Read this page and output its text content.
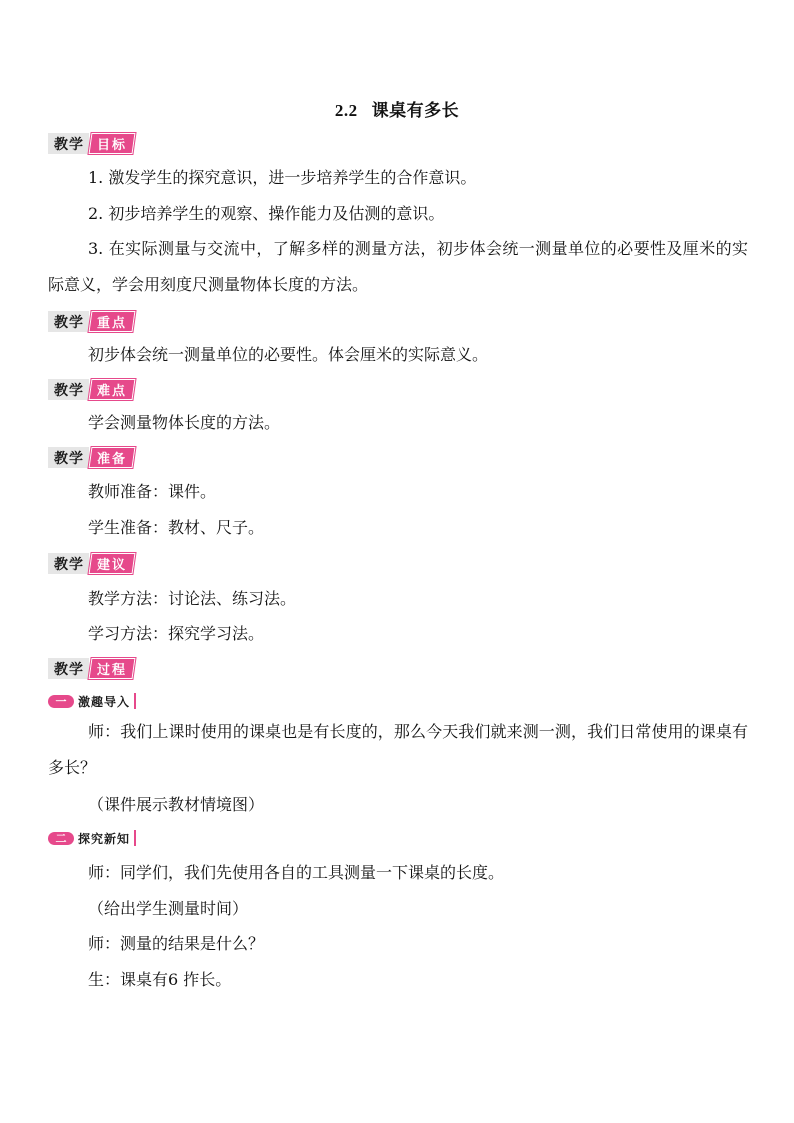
2.2 课桌有多长
教学	目标
1. 激发学生的探究意识，进一步培养学生的合作意识。
2. 初步培养学生的观察、操作能力及估测的意识。
3. 在实际测量与交流中，了解多样的测量方法，初步体会统一测量单位的必要性及厘米的实际意义，学会用刻度尺测量物体长度的方法。
教学	重点
初步体会统一测量单位的必要性。体会厘米的实际意义。
教学	难点
学会测量物体长度的方法。
教学	准备
教师准备：课件。
学生准备：教材、尺子。
教学	建议
教学方法：讨论法、练习法。
学习方法：探究学习法。
教学	过程
一 激趣导入
师：我们上课时使用的课桌也是有长度的，那么今天我们就来测一测，我们日常使用的课桌有多长？
（课件展示教材情境图）
二 探究新知
师：同学们，我们先使用各自的工具测量一下课桌的长度。
（给出学生测量时间）
师：测量的结果是什么？
生：课桌有6 拃长。
